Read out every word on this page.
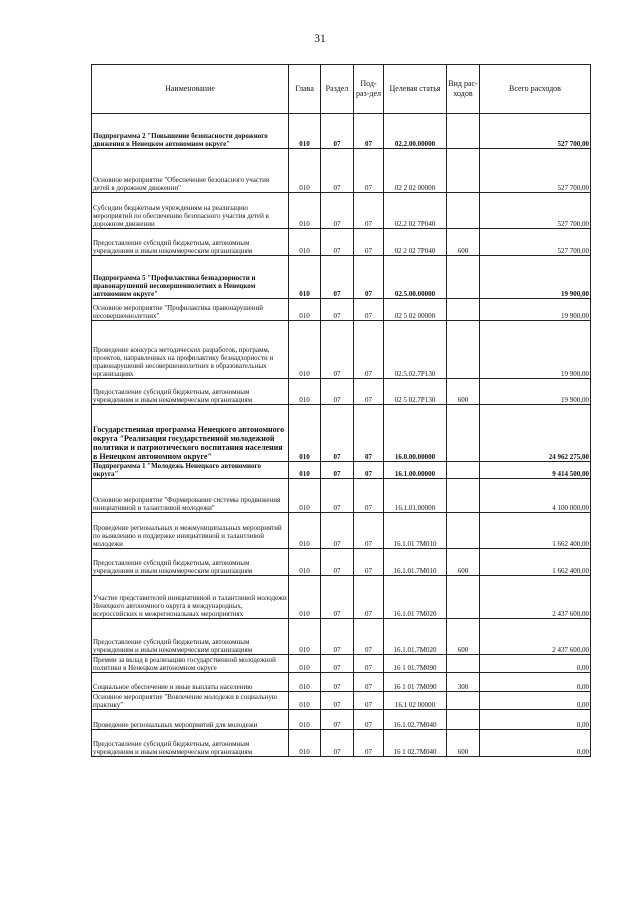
31
Наименование	Глава	Раздел	Под-раз-дел	Целевая статья	Вид рас-ходов	Всего расходов
Подпрограмма 2 "Повышение безопасности дорожного движения в Ненецком автономном округе"	010	07	07	02.2.00.00000		527 700,00
Основное мероприятие "Обеспечение безопасного участия детей в дорожном движении"	010	07	07	02 2 02 00000		527 700,00
Субсидии бюджетным учреждениям на реализацию мероприятий по обеспечению безопасного участия детей в дорожном движении	010	07	07	02.2 02 7Р040		527 700,00
Предоставление субсидий бюджетным, автономным учреждениям и иным некоммерческим организациям	010	07	07	02 2 02 7Р040	600	527 700,00
Подпрограмма 5 "Профилактика безнадзорности и правонарушений несовершеннолетних в Ненецком автономном округе"	010	07	07	02.5.00.00000		19 900,00
Основное мероприятие "Профилактика правонарушений несовершеннолетних"	010	07	07	02 5 02 00000		19 900,00
Проведение конкурса методических разработок, программ, проектов, направленных на профилактику безнадзорности и правонарушений несовершеннолетних в образовательных организациях	010	07	07	02.5.02.7Р130		19 900,00
Предоставление субсидий бюджетным, автономным учреждениям и иным некоммерческим организациям	010	07	07	02 5 02.7Р130	600	19 900,00
Государственная программа Ненецкого автономного округа "Реализация государственной молодежной политики и патриотического воспитания населения в Ненецком автономном округе"	010	07	07	16.0.00.00000		24 962 275,00
Подпрограмма 1 "Молодежь Ненецкого автономного округа"	010	07	07	16.1.00.00000		9 414 500,00
Основное мероприятие "Формирование системы продвижения инициативной и талантливой молодежи"	010	07	07	16.1.01.00000		4 100 000,00
Проведение региональных и межмуниципальных мероприятий по выявлению и поддержке инициативной и талантливой молодежи	010	07	07	16.1.01 7М010		1 662 400,00
Предоставление субсидий бюджетным, автономным учреждениям и иным некоммерческим организациям	010	07	07	16.1.01.7М010	600	1 662 400,00
Участие представителей инициативной и талантливой молодежи Ненецкого автономного округа в международных, всероссийских и межрегиональных мероприятиях	010	07	07	16.1.01 7М020		2 437 600,00
Предоставление субсидий бюджетным, автономным учреждениям и иным некоммерческим организациям	010	07	07	16.1.01.7М020	600	2 437 600,00
Премии за вклад в реализацию государственной молодежной политики в Ненецком автономном округе	010	07	07	16 1 01.7М090		0,00
Социальное обеспечение и иные выплаты населению	010	07	07	16 1 01 7М090	300	0,00
Основное мероприятие "Вовлечение молодежи в социальную практику"	010	07	07	16.1 02 00000		0,00
Проведение региональных мероприятий для молодежи	010	07	07	16.1.02.7М040		0,00
Предоставление субсидий бюджетным, автономным учреждениям и иным некоммерческим организациям	010	07	07	16 1 02.7М040	600	0,00
